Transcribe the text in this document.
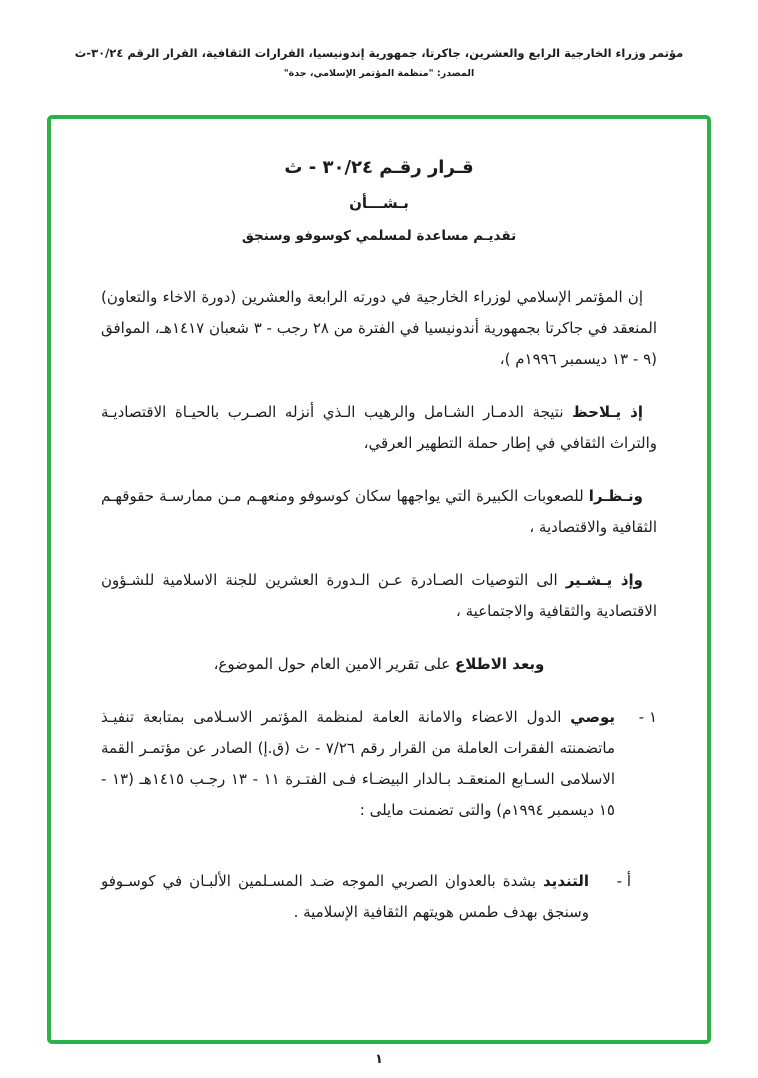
مؤتمر وزراء الخارجية الرابع والعشرين، جاكرتا، جمهورية إندونيسيا، القرارات الثقافية، القرار الرقم ٣٠/٢٤-ث
المصدر: "منظمة المؤتمر الإسلامي، جدة"
قـرار رقـم ٣٠/٢٤ - ث
بـشـــأن
تقديـم مساعدة لمسلمي كوسوفو وسنجق

إن المؤتمر الإسلامي لوزراء الخارجية في دورته الرابعة والعشرين (دورة الاخاء والتعاون) المنعقد في جاكرتا بجمهورية أندونيسيا في الفترة من ٢٨ رجب - ٣ شعبان ١٤١٧هـ، الموافق (٩ - ١٣ ديسمبر ١٩٩٦م )،

إذ يـلاحظ نتيجة الدمـار الشـامل والرهيب الـذي أنزله الصـرب بالحيـاة الاقتصاديـة والتراث الثقافي في إطار حملة التطهير العرقي،

ونـظـرا للصعوبات الكبيرة التي يواجهها سكان كوسوفو ومنعهـم مـن ممارسـة حقوقهـم الثقافية والاقتصادية ،

وإذ يـشـير الى التوصيات الصـادرة عـن الـدورة العشرين للجنة الاسلامية للشـؤون الاقتصادية والثقافية والاجتماعية ،

وبعد الاطلاع على تقرير الامين العام حول الموضوع،

١ -
يوصي الدول الاعضاء والامانة العامة لمنظمة المؤتمر الاسـلامى بمتابعة تنفيـذ ماتضمنته الفقرات العاملة من القرار رقم ٧/٢٦ - ث (ق.إ) الصادر عن مؤتمـر القمة الاسلامى السـابع المنعقـد بـالدار البيضـاء فـى الفتـرة ١١ - ١٣ رجـب ١٤١٥هـ (١٣ - ١٥ ديسمبر ١٩٩٤م) والتى تضمنت مايلى :
أ -
التنديد بشدة بالعدوان الصربي الموجه ضـد المسـلمين الألبـان في كوسـوفو وسنجق بهدف طمس هويتهم الثقافية الإسلامية .
١
